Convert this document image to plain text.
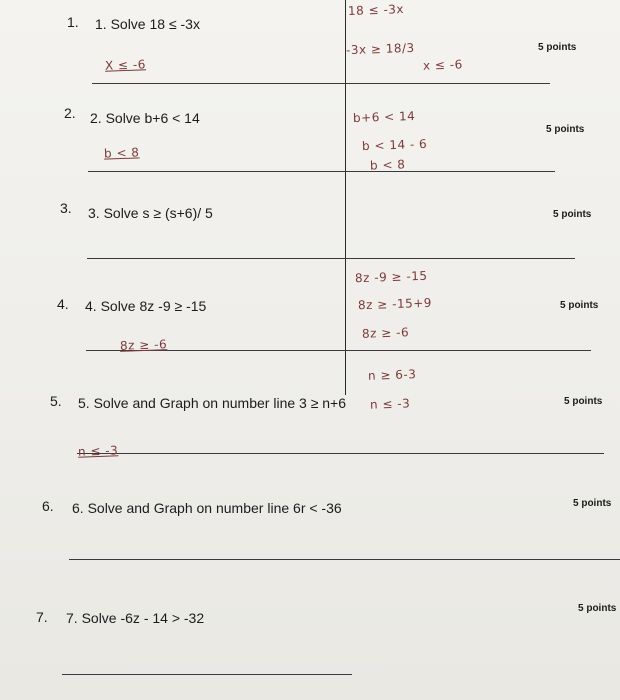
1. 1. Solve 18 ≤ -3x
5 points
X ≤ -6
18 ≤ -3x
-3x ≥ 18/3
x ≤ -6
2. 2. Solve b+6 < 14
5 points
b < 8
b+6 < 14
b < 14 - 6
b < 8
3. 3. Solve s ≥ (s+6)/ 5	5 points
4. 4. Solve 8z -9 ≥ -15	5 points
8z ≥ -6
8z -9 ≥ -15
8z ≥ -15+9
8z ≥ -6
5. 5. Solve and Graph on number line 3 ≥ n+6	5 points
n ≤ -3
n ≥ 6-3
n ≤ -3
6. 6. Solve and Graph on number line 6r < -36	5 points
7. 7. Solve -6z - 14 > -32
5 points
